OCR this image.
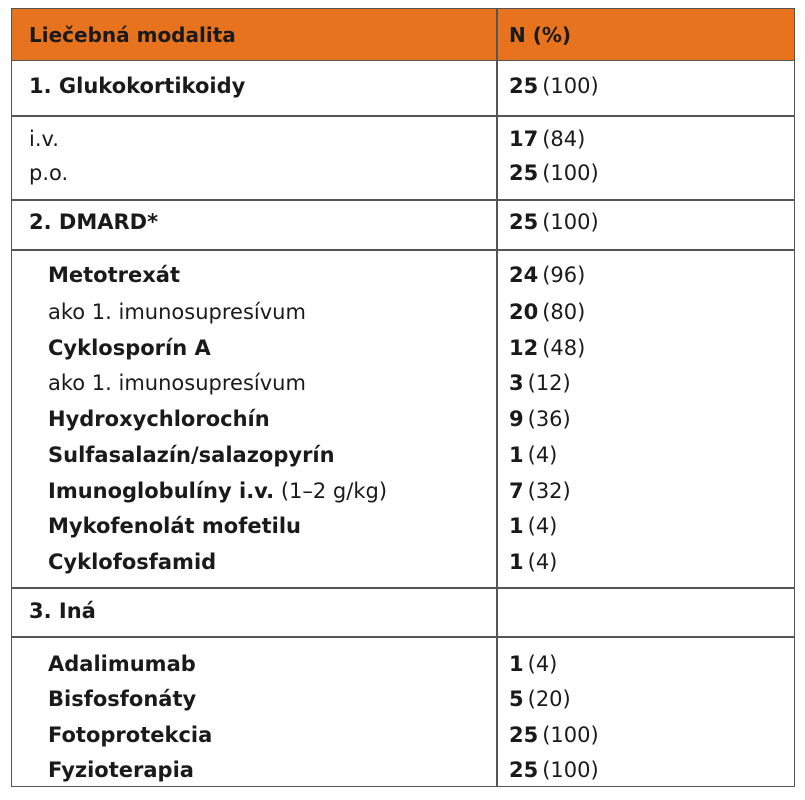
Liečebná modalita	N (%)
1. Glukokortikoidy	25 (100)
i.v.	17 (84)
p.o.	25 (100)
2. DMARD*	25 (100)
Metotrexát	24 (96)
ako 1. imunosupresívum	20 (80)
Cyklosporín A	12 (48)
ako 1. imunosupresívum	3 (12)
Hydroxychlorochín	9 (36)
Sulfasalazín/salazopyrín	1 (4)
Imunoglobulíny i.v. (1–2 g/kg)	7 (32)
Mykofenolát mofetilu	1 (4)
Cyklofosfamid	1 (4)
3. Iná
Adalimumab	1 (4)
Bisfosfonáty	5 (20)
Fotoprotekcia	25 (100)
Fyzioterapia	25 (100)
